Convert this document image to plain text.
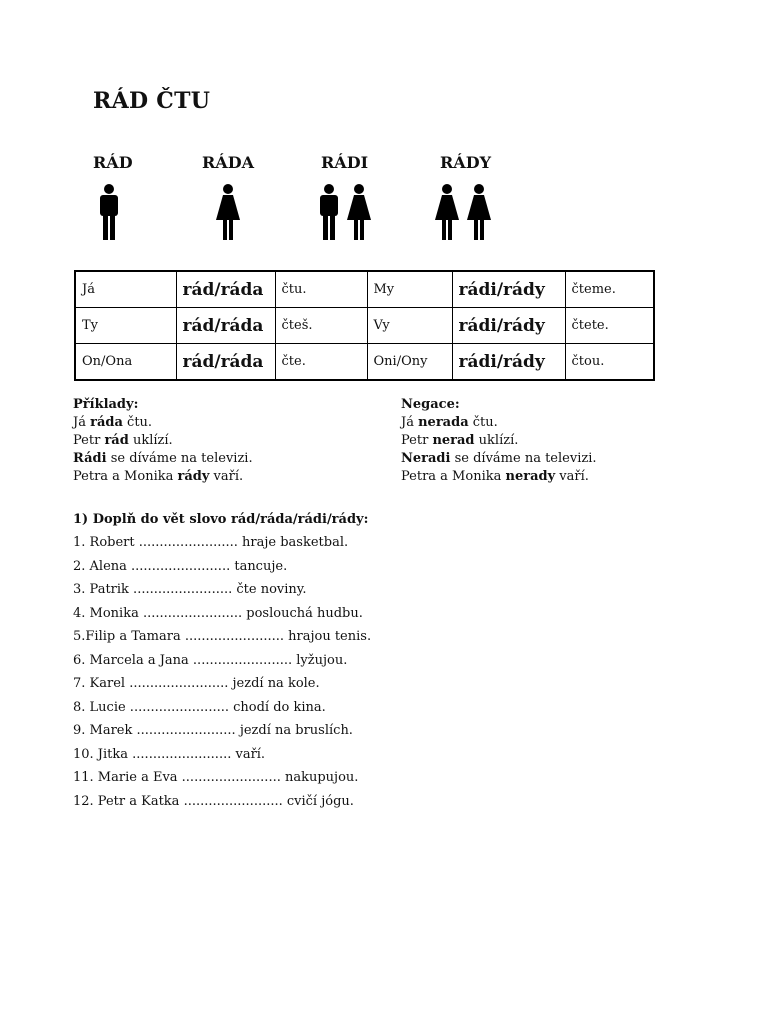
RÁD ČTU
RÁD	RÁDA	RÁDI	RÁDY
Já	rád/ráda	čtu.	My	rádi/rády	čteme.
Ty	rád/ráda	čteš.	Vy	rádi/rády	čtete.
On/Ona	rád/ráda	čte.	Oni/Ony	rádi/rády	čtou.
Příklady:
Já ráda čtu.
Petr rád uklízí.
Rádi se díváme na televizi.
Petra a Monika rády vaří.
Negace:
Já nerada čtu.
Petr nerad uklízí.
Neradi se díváme na televizi.
Petra a Monika nerady vaří.
1) Doplň do vět slovo rád/ráda/rádi/rády:
1. Robert ........................ hraje basketbal.
2. Alena ........................ tancuje.
3. Patrik ........................ čte noviny.
4. Monika ........................ poslouchá hudbu.
5.Filip a Tamara ........................ hrajou tenis.
6. Marcela a Jana ........................ lyžujou.
7. Karel ........................ jezdí na kole.
8. Lucie ........................ chodí do kina.
9. Marek ........................ jezdí na bruslích.
10. Jitka ........................ vaří.
11. Marie a Eva ........................ nakupujou.
12. Petr a Katka ........................ cvičí jógu.
